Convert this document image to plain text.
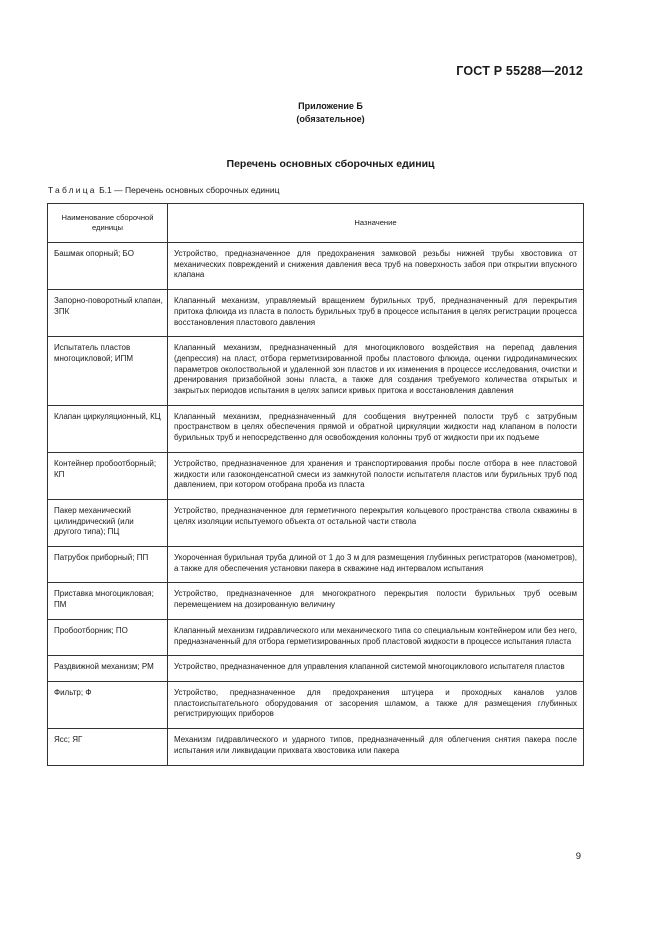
ГОСТ Р 55288—2012
Приложение Б
(обязательное)
Перечень основных сборочных единиц
Таблица Б.1 — Перечень основных сборочных единиц
Наименование сборочной единицы	Назначение
Башмак опорный; БО	Устройство, предназначенное для предохранения замковой резьбы нижней трубы хвостовика от механических повреждений и снижения давления веса труб на поверхность забоя при открытии впускного клапана
Запорно-поворотный клапан, ЗПК	Клапанный механизм, управляемый вращением бурильных труб, предназначенный для перекрытия притока флюида из пласта в полость бурильных труб в процессе испытания в целях регистрации процесса восстановления пластового давления
Испытатель пластов многоцикловой; ИПМ	Клапанный механизм, предназначенный для многоциклового воздействия на перепад давления (депрессия) на пласт, отбора герметизированной пробы пластового флюида, оценки гидродинамических параметров околоствольной и удаленной зон пластов и их изменения в процессе исследования, очистки и дренирования призабойной зоны пласта, а также для создания требуемого количества открытых и закрытых периодов испытания в целях записи кривых притока и восстановления давления
Клапан циркуляционный, КЦ	Клапанный механизм, предназначенный для сообщения внутренней полости труб с затрубным пространством в целях обеспечения прямой и обратной циркуляции жидкости над клапаном в полости бурильных труб и непосредственно для освобождения колонны труб от жидкости при их подъеме
Контейнер пробоотборный; КП	Устройство, предназначенное для хранения и транспортирования пробы после отбора в нее пластовой жидкости или газоконденсатной смеси из замкнутой полости испытателя пластов или бурильных труб под давлением, при котором отобрана проба из пласта
Пакер механический цилиндрический (или другого типа); ПЦ	Устройство, предназначенное для герметичного перекрытия кольцевого пространства ствола скважины в целях изоляции испытуемого объекта от остальной части ствола
Патрубок приборный; ПП	Укороченная бурильная труба длиной от 1 до 3 м для размещения глубинных регистраторов (манометров), а также для обеспечения установки пакера в скважине над интервалом испытания
Приставка многоцикловая; ПМ	Устройство, предназначенное для многократного перекрытия полости бурильных труб осевым перемещением на дозированную величину
Пробоотборник; ПО	Клапанный механизм гидравлического или механического типа со специальным контейнером или без него, предназначенный для отбора герметизированных проб пластовой жидкости в процессе испытания пласта
Раздвижной механизм; РМ	Устройство, предназначенное для управления клапанной системой многоциклового испытателя пластов
Фильтр; Ф	Устройство, предназначенное для предохранения штуцера и проходных каналов узлов пластоиспытательного оборудования от засорения шламом, а также для размещения глубинных регистрирующих приборов
Ясс; ЯГ	Механизм гидравлического и ударного типов, предназначенный для облегчения снятия пакера после испытания или ликвидации прихвата хвостовика или пакера
9
